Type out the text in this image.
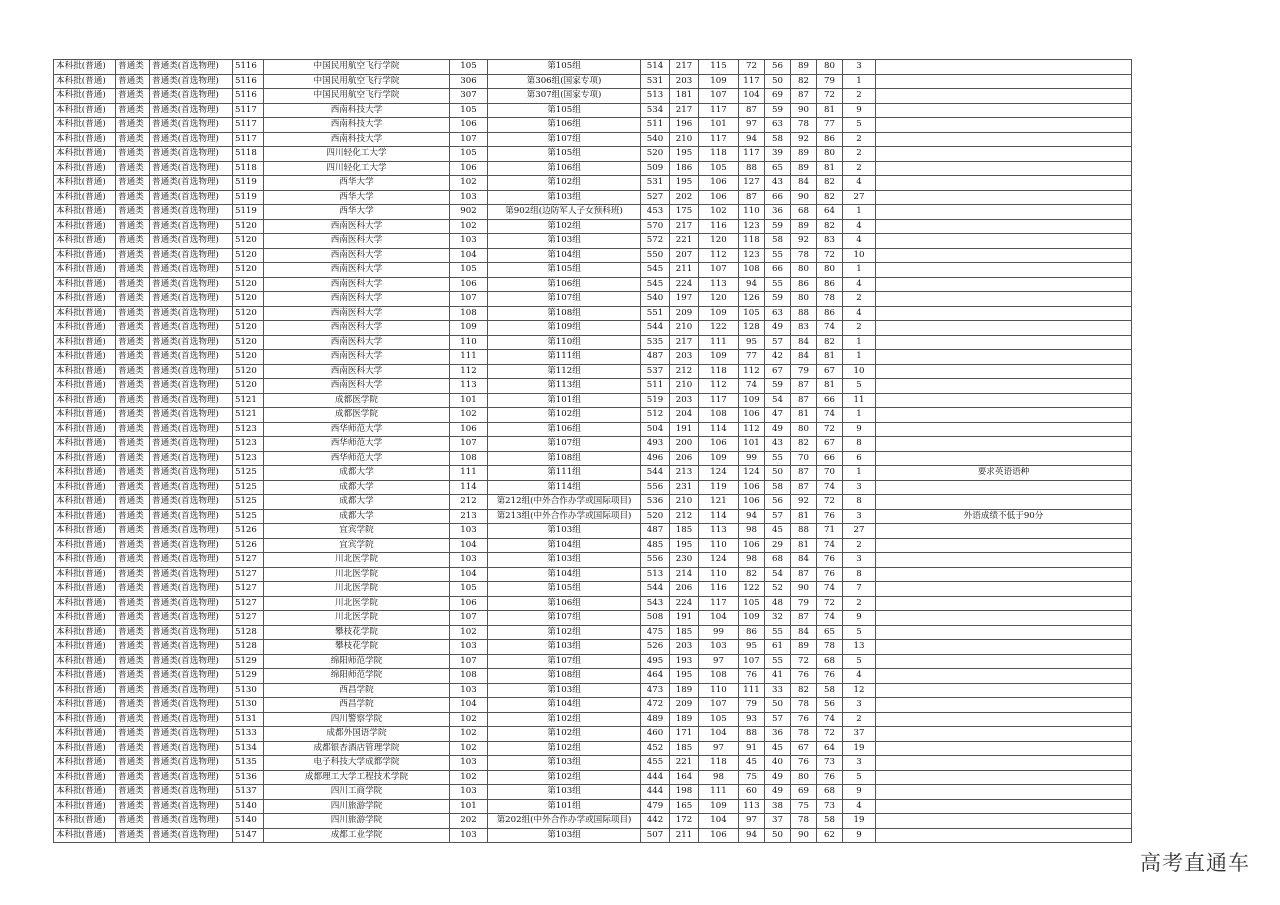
本科批(普通)	普通类	普通类(首选物理)	5116	中国民用航空飞行学院	105	第105组	514	217	115	72	56	89	80	3	
本科批(普通)	普通类	普通类(首选物理)	5116	中国民用航空飞行学院	306	第306组(国家专项)	531	203	109	117	50	82	79	1	
本科批(普通)	普通类	普通类(首选物理)	5116	中国民用航空飞行学院	307	第307组(国家专项)	513	181	107	104	69	87	72	2	
本科批(普通)	普通类	普通类(首选物理)	5117	西南科技大学	105	第105组	534	217	117	87	59	90	81	9	
本科批(普通)	普通类	普通类(首选物理)	5117	西南科技大学	106	第106组	511	196	101	97	63	78	77	5	
本科批(普通)	普通类	普通类(首选物理)	5117	西南科技大学	107	第107组	540	210	117	94	58	92	86	2	
本科批(普通)	普通类	普通类(首选物理)	5118	四川轻化工大学	105	第105组	520	195	118	117	39	89	80	2	
本科批(普通)	普通类	普通类(首选物理)	5118	四川轻化工大学	106	第106组	509	186	105	88	65	89	81	2	
本科批(普通)	普通类	普通类(首选物理)	5119	西华大学	102	第102组	531	195	106	127	43	84	82	4	
本科批(普通)	普通类	普通类(首选物理)	5119	西华大学	103	第103组	527	202	106	87	66	90	82	27	
本科批(普通)	普通类	普通类(首选物理)	5119	西华大学	902	第902组(边防军人子女预科班)	453	175	102	110	36	68	64	1	
本科批(普通)	普通类	普通类(首选物理)	5120	西南医科大学	102	第102组	570	217	116	123	59	89	82	4	
本科批(普通)	普通类	普通类(首选物理)	5120	西南医科大学	103	第103组	572	221	120	118	58	92	83	4	
本科批(普通)	普通类	普通类(首选物理)	5120	西南医科大学	104	第104组	550	207	112	123	55	78	72	10	
本科批(普通)	普通类	普通类(首选物理)	5120	西南医科大学	105	第105组	545	211	107	108	66	80	80	1	
本科批(普通)	普通类	普通类(首选物理)	5120	西南医科大学	106	第106组	545	224	113	94	55	86	86	4	
本科批(普通)	普通类	普通类(首选物理)	5120	西南医科大学	107	第107组	540	197	120	126	59	80	78	2	
本科批(普通)	普通类	普通类(首选物理)	5120	西南医科大学	108	第108组	551	209	109	105	63	88	86	4	
本科批(普通)	普通类	普通类(首选物理)	5120	西南医科大学	109	第109组	544	210	122	128	49	83	74	2	
本科批(普通)	普通类	普通类(首选物理)	5120	西南医科大学	110	第110组	535	217	111	95	57	84	82	1	
本科批(普通)	普通类	普通类(首选物理)	5120	西南医科大学	111	第111组	487	203	109	77	42	84	81	1	
本科批(普通)	普通类	普通类(首选物理)	5120	西南医科大学	112	第112组	537	212	118	112	67	79	67	10	
本科批(普通)	普通类	普通类(首选物理)	5120	西南医科大学	113	第113组	511	210	112	74	59	87	81	5	
本科批(普通)	普通类	普通类(首选物理)	5121	成都医学院	101	第101组	519	203	117	109	54	87	66	11	
本科批(普通)	普通类	普通类(首选物理)	5121	成都医学院	102	第102组	512	204	108	106	47	81	74	1	
本科批(普通)	普通类	普通类(首选物理)	5123	西华师范大学	106	第106组	504	191	114	112	49	80	72	9	
本科批(普通)	普通类	普通类(首选物理)	5123	西华师范大学	107	第107组	493	200	106	101	43	82	67	8	
本科批(普通)	普通类	普通类(首选物理)	5123	西华师范大学	108	第108组	496	206	109	99	55	70	66	6	
本科批(普通)	普通类	普通类(首选物理)	5125	成都大学	111	第111组	544	213	124	124	50	87	70	1	要求英语语种
本科批(普通)	普通类	普通类(首选物理)	5125	成都大学	114	第114组	556	231	119	106	58	87	74	3	
本科批(普通)	普通类	普通类(首选物理)	5125	成都大学	212	第212组(中外合作办学或国际项目)	536	210	121	106	56	92	72	8	
本科批(普通)	普通类	普通类(首选物理)	5125	成都大学	213	第213组(中外合作办学或国际项目)	520	212	114	94	57	81	76	3	外语成绩不低于90分
本科批(普通)	普通类	普通类(首选物理)	5126	宜宾学院	103	第103组	487	185	113	98	45	88	71	27	
本科批(普通)	普通类	普通类(首选物理)	5126	宜宾学院	104	第104组	485	195	110	106	29	81	74	2	
本科批(普通)	普通类	普通类(首选物理)	5127	川北医学院	103	第103组	556	230	124	98	68	84	76	3	
本科批(普通)	普通类	普通类(首选物理)	5127	川北医学院	104	第104组	513	214	110	82	54	87	76	8	
本科批(普通)	普通类	普通类(首选物理)	5127	川北医学院	105	第105组	544	206	116	122	52	90	74	7	
本科批(普通)	普通类	普通类(首选物理)	5127	川北医学院	106	第106组	543	224	117	105	48	79	72	2	
本科批(普通)	普通类	普通类(首选物理)	5127	川北医学院	107	第107组	508	191	104	109	32	87	74	9	
本科批(普通)	普通类	普通类(首选物理)	5128	攀枝花学院	102	第102组	475	185	99	86	55	84	65	5	
本科批(普通)	普通类	普通类(首选物理)	5128	攀枝花学院	103	第103组	526	203	103	95	61	89	78	13	
本科批(普通)	普通类	普通类(首选物理)	5129	绵阳师范学院	107	第107组	495	193	97	107	55	72	68	5	
本科批(普通)	普通类	普通类(首选物理)	5129	绵阳师范学院	108	第108组	464	195	108	76	41	76	76	4	
本科批(普通)	普通类	普通类(首选物理)	5130	西昌学院	103	第103组	473	189	110	111	33	82	58	12	
本科批(普通)	普通类	普通类(首选物理)	5130	西昌学院	104	第104组	472	209	107	79	50	78	56	3	
本科批(普通)	普通类	普通类(首选物理)	5131	四川警察学院	102	第102组	489	189	105	93	57	76	74	2	
本科批(普通)	普通类	普通类(首选物理)	5133	成都外国语学院	102	第102组	460	171	104	88	36	78	72	37	
本科批(普通)	普通类	普通类(首选物理)	5134	成都银杏酒店管理学院	102	第102组	452	185	97	91	45	67	64	19	
本科批(普通)	普通类	普通类(首选物理)	5135	电子科技大学成都学院	103	第103组	455	221	118	45	40	76	73	3	
本科批(普通)	普通类	普通类(首选物理)	5136	成都理工大学工程技术学院	102	第102组	444	164	98	75	49	80	76	5	
本科批(普通)	普通类	普通类(首选物理)	5137	四川工商学院	103	第103组	444	198	111	60	49	69	68	9	
本科批(普通)	普通类	普通类(首选物理)	5140	四川旅游学院	101	第101组	479	165	109	113	38	75	73	4	
本科批(普通)	普通类	普通类(首选物理)	5140	四川旅游学院	202	第202组(中外合作办学或国际项目)	442	172	104	97	37	78	58	19	
本科批(普通)	普通类	普通类(首选物理)	5147	成都工业学院	103	第103组	507	211	106	94	50	90	62	9	
高考直通车
